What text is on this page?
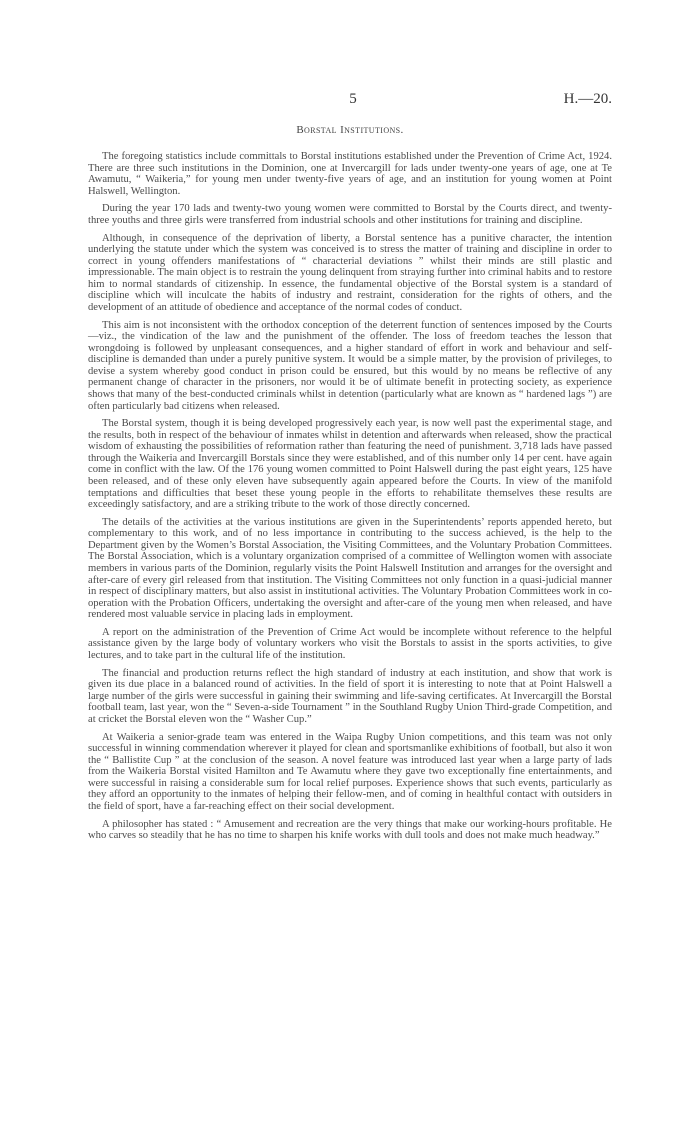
5	H.—20.
Borstal Institutions.

The foregoing statistics include committals to Borstal institutions established under the Prevention of Crime Act, 1924. There are three such institutions in the Dominion, one at Invercargill for lads under twenty-one years of age, one at Te Awamutu, “ Waikeria,” for young men under twenty-five years of age, and an institution for young women at Point Halswell, Wellington.

During the year 170 lads and twenty-two young women were committed to Borstal by the Courts direct, and twenty-three youths and three girls were transferred from industrial schools and other institutions for training and discipline.

Although, in consequence of the deprivation of liberty, a Borstal sentence has a punitive character, the intention underlying the statute under which the system was conceived is to stress the matter of training and discipline in order to correct in young offenders manifestations of “ characterial deviations ” whilst their minds are still plastic and impressionable. The main object is to restrain the young delinquent from straying further into criminal habits and to restore him to normal standards of citizenship. In essence, the fundamental objective of the Borstal system is a standard of discipline which will inculcate the habits of industry and restraint, consideration for the rights of others, and the development of an attitude of obedience and acceptance of the normal codes of conduct.

This aim is not inconsistent with the orthodox conception of the deterrent function of sentences imposed by the Courts—viz., the vindication of the law and the punishment of the offender. The loss of freedom teaches the lesson that wrongdoing is followed by unpleasant consequences, and a higher standard of effort in work and behaviour and self-discipline is demanded than under a purely punitive system. It would be a simple matter, by the provision of privileges, to devise a system whereby good conduct in prison could be ensured, but this would by no means be reflective of any permanent change of character in the prisoners, nor would it be of ultimate benefit in protecting society, as experience shows that many of the best-conducted criminals whilst in detention (particularly what are known as “ hardened lags ”) are often particularly bad citizens when released.

The Borstal system, though it is being developed progressively each year, is now well past the experimental stage, and the results, both in respect of the behaviour of inmates whilst in detention and afterwards when released, show the practical wisdom of exhausting the possibilities of reformation rather than featuring the need of punishment. 3,718 lads have passed through the Waikeria and Invercargill Borstals since they were established, and of this number only 14 per cent. have again come in conflict with the law. Of the 176 young women committed to Point Halswell during the past eight years, 125 have been released, and of these only eleven have subsequently again appeared before the Courts. In view of the manifold temptations and difficulties that beset these young people in the efforts to rehabilitate themselves these results are exceedingly satisfactory, and are a striking tribute to the work of those directly concerned.

The details of the activities at the various institutions are given in the Superintendents’ reports appended hereto, but complementary to this work, and of no less importance in contributing to the success achieved, is the help to the Department given by the Women’s Borstal Association, the Visiting Committees, and the Voluntary Probation Committees. The Borstal Association, which is a voluntary organization comprised of a committee of Wellington women with associate members in various parts of the Dominion, regularly visits the Point Halswell Institution and arranges for the oversight and after-care of every girl released from that institution. The Visiting Committees not only function in a quasi-judicial manner in respect of disciplinary matters, but also assist in institutional activities. The Voluntary Probation Committees work in co-operation with the Probation Officers, undertaking the oversight and after-care of the young men when released, and have rendered most valuable service in placing lads in employment.

A report on the administration of the Prevention of Crime Act would be incomplete without reference to the helpful assistance given by the large body of voluntary workers who visit the Borstals to assist in the sports activities, to give lectures, and to take part in the cultural life of the institution.

The financial and production returns reflect the high standard of industry at each institution, and show that work is given its due place in a balanced round of activities. In the field of sport it is interesting to note that at Point Halswell a large number of the girls were successful in gaining their swimming and life-saving certificates. At Invercargill the Borstal football team, last year, won the “ Seven-a-side Tournament ” in the Southland Rugby Union Third-grade Competition, and at cricket the Borstal eleven won the “ Washer Cup.”

At Waikeria a senior-grade team was entered in the Waipa Rugby Union competitions, and this team was not only successful in winning commendation wherever it played for clean and sportsmanlike exhibitions of football, but also it won the “ Ballistite Cup ” at the conclusion of the season. A novel feature was introduced last year when a large party of lads from the Waikeria Borstal visited Hamilton and Te Awamutu where they gave two exceptionally fine entertainments, and were successful in raising a considerable sum for local relief purposes. Experience shows that such events, particularly as they afford an opportunity to the inmates of helping their fellow-men, and of coming in healthful contact with outsiders in the field of sport, have a far-reaching effect on their social development.

A philosopher has stated : “ Amusement and recreation are the very things that make our working-hours profitable. He who carves so steadily that he has no time to sharpen his knife works with dull tools and does not make much headway.”
